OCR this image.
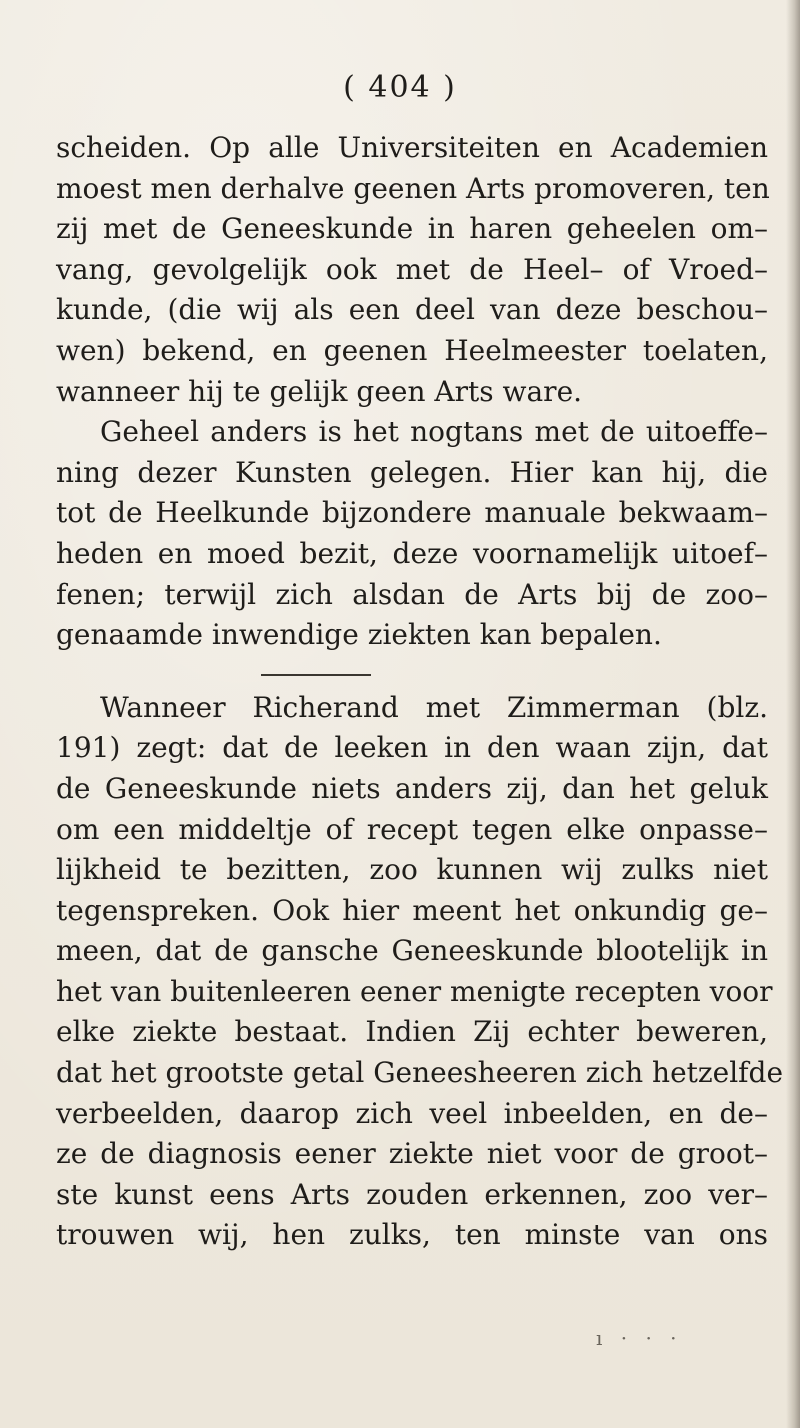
( 404 )
scheiden. Op alle Universiteiten en Academien
moest men derhalve geenen Arts promoveren, ten
zij met de Geneeskunde in haren geheelen om–
vang, gevolgelijk ook met de Heel– of Vroed–
kunde, (die wij als een deel van deze beschou–
wen) bekend, en geenen Heelmeester toelaten,
wanneer hij te gelijk geen Arts ware.
Geheel anders is het nogtans met de uitoeffe–
ning dezer Kunsten gelegen. Hier kan hij, die
tot de Heelkunde bijzondere manuale bekwaam–
heden en moed bezit, deze voornamelijk uitoef–
fenen; terwijl zich alsdan de Arts bij de zoo–
genaamde inwendige ziekten kan bepalen.
Wanneer Richerand met Zimmerman (blz.
191) zegt: dat de leeken in den waan zijn, dat
de Geneeskunde niets anders zij, dan het geluk
om een middeltje of recept tegen elke onpasse–
lijkheid te bezitten, zoo kunnen wij zulks niet
tegenspreken. Ook hier meent het onkundig ge–
meen, dat de gansche Geneeskunde blootelijk in
het van buitenleeren eener menigte recepten voor
elke ziekte bestaat. Indien Zij echter beweren,
dat het grootste getal Geneesheeren zich hetzelfde
verbeelden, daarop zich veel inbeelden, en de–
ze de diagnosis eener ziekte niet voor de groot–
ste kunst eens Arts zouden erkennen, zoo ver–
trouwen wij, hen zulks, ten minste van ons
ı · · ·
